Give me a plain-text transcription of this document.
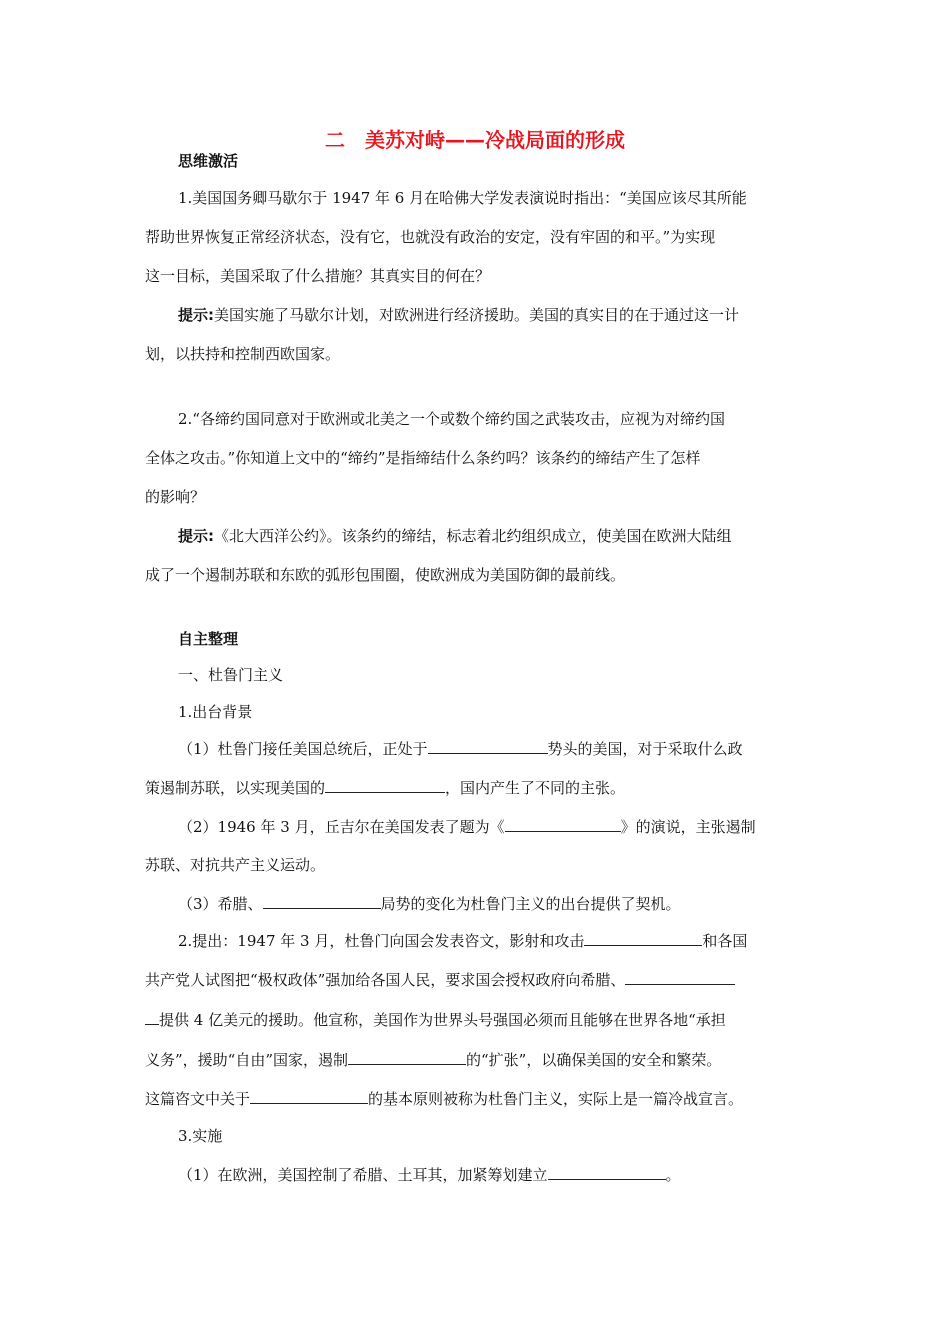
二　美苏对峙——冷战局面的形成
思维激活
1.美国国务卿马歇尔于 1947 年 6 月在哈佛大学发表演说时指出：“美国应该尽其所能
帮助世界恢复正常经济状态，没有它，也就没有政治的安定，没有牢固的和平。”为实现
这一目标，美国采取了什么措施？其真实目的何在？
提示:美国实施了马歇尔计划，对欧洲进行经济援助。美国的真实目的在于通过这一计
划，以扶持和控制西欧国家。
2.“各缔约国同意对于欧洲或北美之一个或数个缔约国之武装攻击，应视为对缔约国
全体之攻击。”你知道上文中的“缔约”是指缔结什么条约吗？该条约的缔结产生了怎样
的影响？
提示:《北大西洋公约》。该条约的缔结，标志着北约组织成立，使美国在欧洲大陆组
成了一个遏制苏联和东欧的弧形包围圈，使欧洲成为美国防御的最前线。
自主整理
一、杜鲁门主义
1.出台背景
（1）杜鲁门接任美国总统后，正处于	势头的美国，对于采取什么政
策遏制苏联，以实现美国的	，国内产生了不同的主张。
（2）1946 年 3 月，丘吉尔在美国发表了题为《	》的演说，主张遏制
苏联、对抗共产主义运动。
（3）希腊、	局势的变化为杜鲁门主义的出台提供了契机。
2.提出：1947 年 3 月，杜鲁门向国会发表咨文，影射和攻击	和各国
共产党人试图把“极权政体”强加给各国人民，要求国会授权政府向希腊、
提供 4 亿美元的援助。他宣称，美国作为世界头号强国必须而且能够在世界各地“承担
义务”，援助“自由”国家，遏制	的“扩张”，以确保美国的安全和繁荣。
这篇咨文中关于	的基本原则被称为杜鲁门主义，实际上是一篇冷战宣言。
3.实施
（1）在欧洲，美国控制了希腊、土耳其，加紧筹划建立	。
